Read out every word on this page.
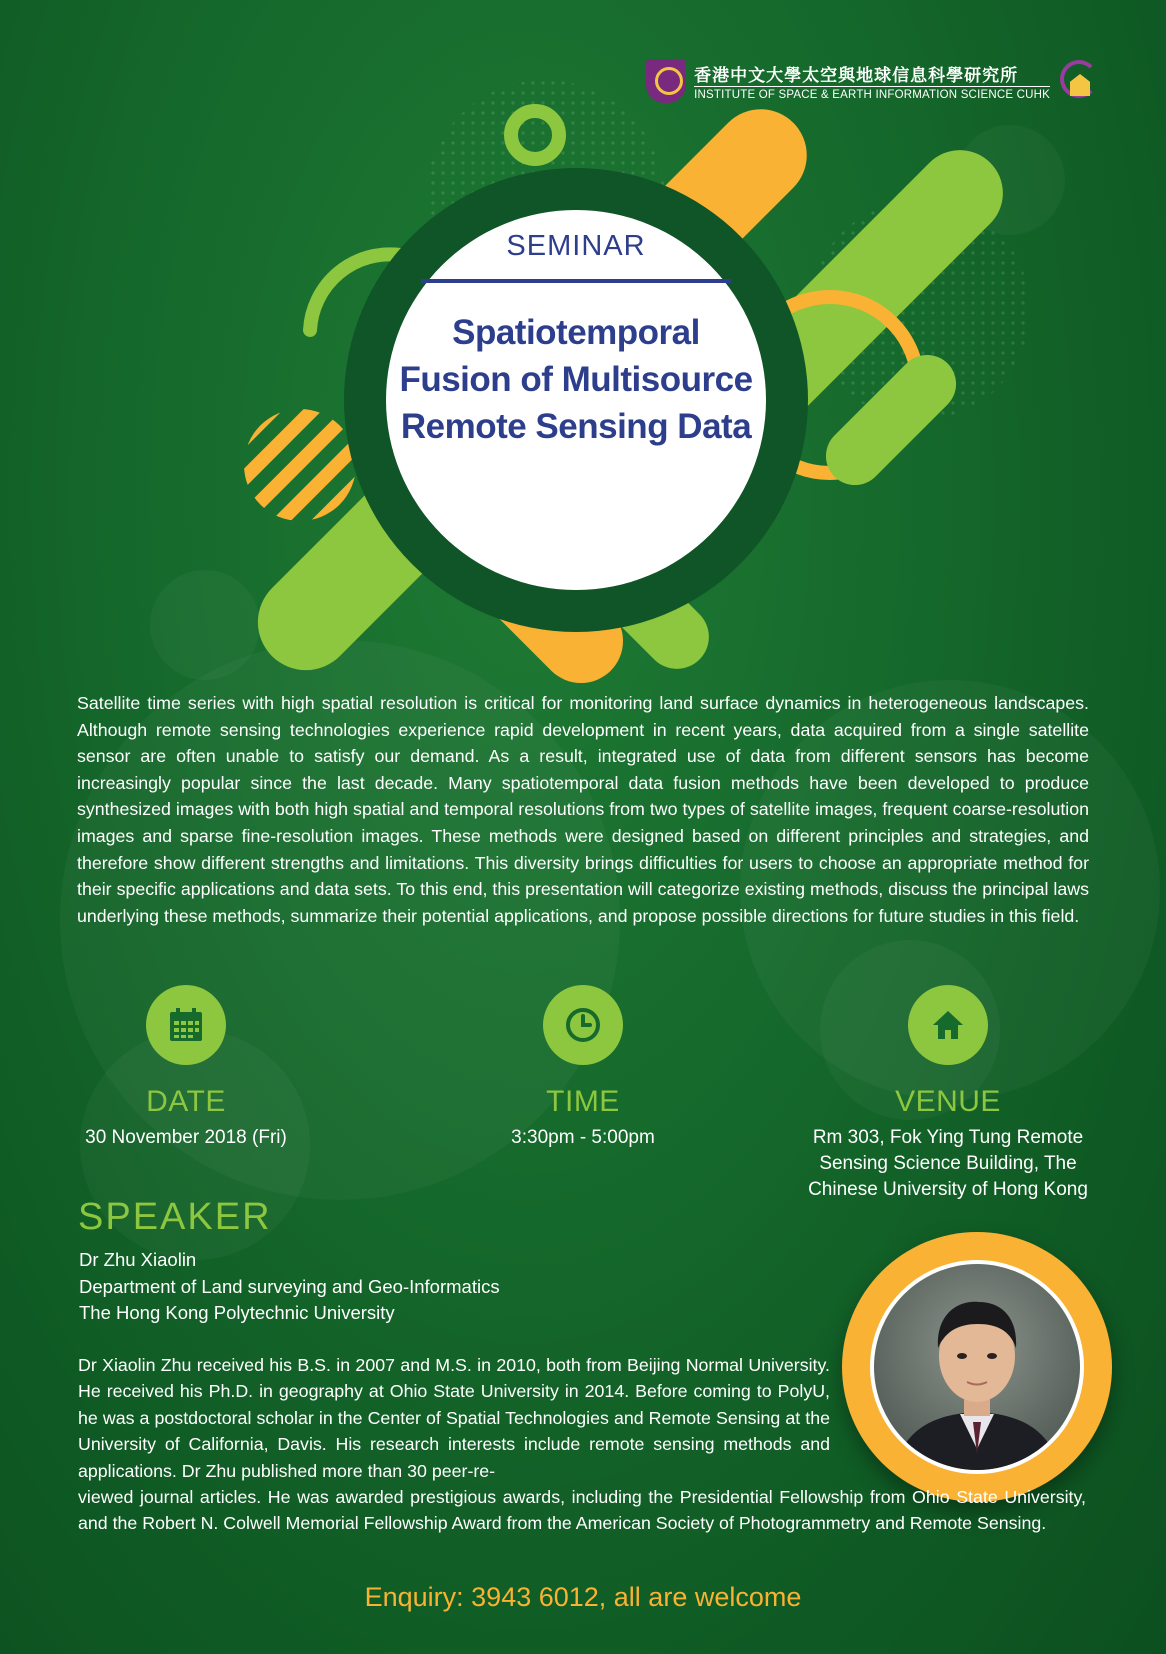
香港中文大學太空與地球信息科學研究所
INSTITUTE OF SPACE & EARTH INFORMATION SCIENCE CUHK
SEMINAR
Spatiotemporal Fusion of Multisource Remote Sensing Data
Satellite time series with high spatial resolution is critical for monitoring land surface dynamics in heterogeneous landscapes. Although remote sensing technologies experience rapid development in recent years, data acquired from a single satellite sensor are often unable to satisfy our demand. As a result, integrated use of data from different sensors has become increasingly popular since the last decade. Many spatiotemporal data fusion methods have been developed to produce synthesized images with both high spatial and temporal resolutions from two types of satellite images, frequent coarse-resolution images and sparse fine-resolution images. These methods were designed based on different principles and strategies, and therefore show different strengths and limitations. This diversity brings difficulties for users to choose an appropriate method for their specific applications and data sets. To this end, this presentation will categorize existing methods, discuss the principal laws underlying these methods, summarize their potential applications, and propose possible directions for future studies in this field.
DATE
30 November 2018 (Fri)
TIME
3:30pm - 5:00pm
VENUE
Rm 303, Fok Ying Tung Remote Sensing Science Building, The Chinese University of Hong Kong
SPEAKER
Dr Zhu Xiaolin
Department of Land surveying and Geo-Informatics
The Hong Kong Polytechnic University
Dr Xiaolin Zhu received his B.S. in 2007 and M.S. in 2010, both from Beijing Normal University. He received his Ph.D. in geography at Ohio State University in 2014. Before coming to PolyU, he was a postdoctoral scholar in the Center of Spatial Technologies and Remote Sensing at the University of California, Davis. His research interests include remote sensing methods and applications. Dr Zhu published more than 30 peer-re-
viewed journal articles. He was awarded prestigious awards, including the Presidential Fellowship from Ohio State University, and the Robert N. Colwell Memorial Fellowship Award from the American Society of Photogrammetry and Remote Sensing.
Enquiry: 3943 6012, all are welcome
